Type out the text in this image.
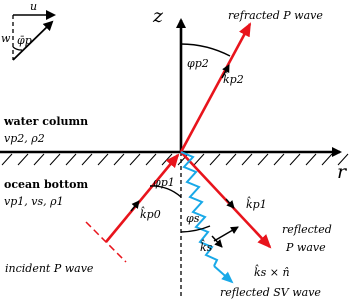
u
w φ̄p
z
r
φp2
k̂p2
refracted P wave
φp1
k̂p0
incident P wave
k̂p1
reflected
P wave
φs
k̂s
k̂s × n̂
reflected SV wave
water column
vp2, ρ2
ocean bottom
vp1, vs, ρ1
